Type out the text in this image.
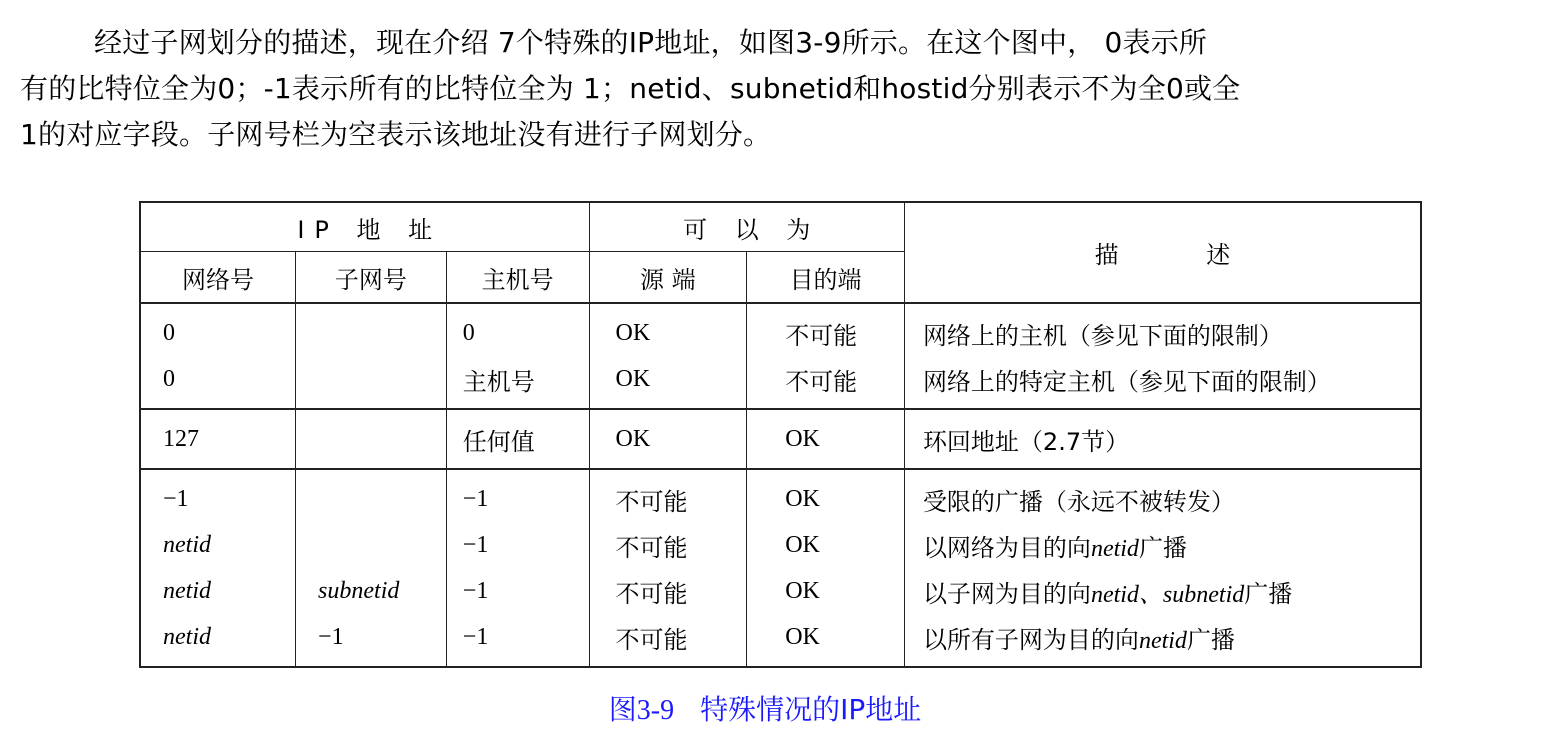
经过子网划分的描述，现在介绍 7个特殊的IP地址，如图3-9所示。在这个图中， 0表示所
有的比特位全为0；-1表示所有的比特位全为 1；netid、subnetid和hostid分别表示不为全0或全
1的对应字段。子网号栏为空表示该地址没有进行子网划分。
IP 地 址			可 以 为		描 述
网络号	子网号	主机号	源 端	目的端	
0		0	OK	不可能	网络上的主机（参见下面的限制）
0		主机号	OK	不可能	网络上的特定主机（参见下面的限制）
127		任何值	OK	OK	环回地址（2.7节）
−1		−1	不可能	OK	受限的广播（永远不被转发）
netid		−1	不可能	OK	以网络为目的向netid广播
netid	subnetid	−1	不可能	OK	以子网为目的向netid、subnetid广播
netid	−1	−1	不可能	OK	以所有子网为目的向netid广播
图3-9 特殊情况的IP地址
